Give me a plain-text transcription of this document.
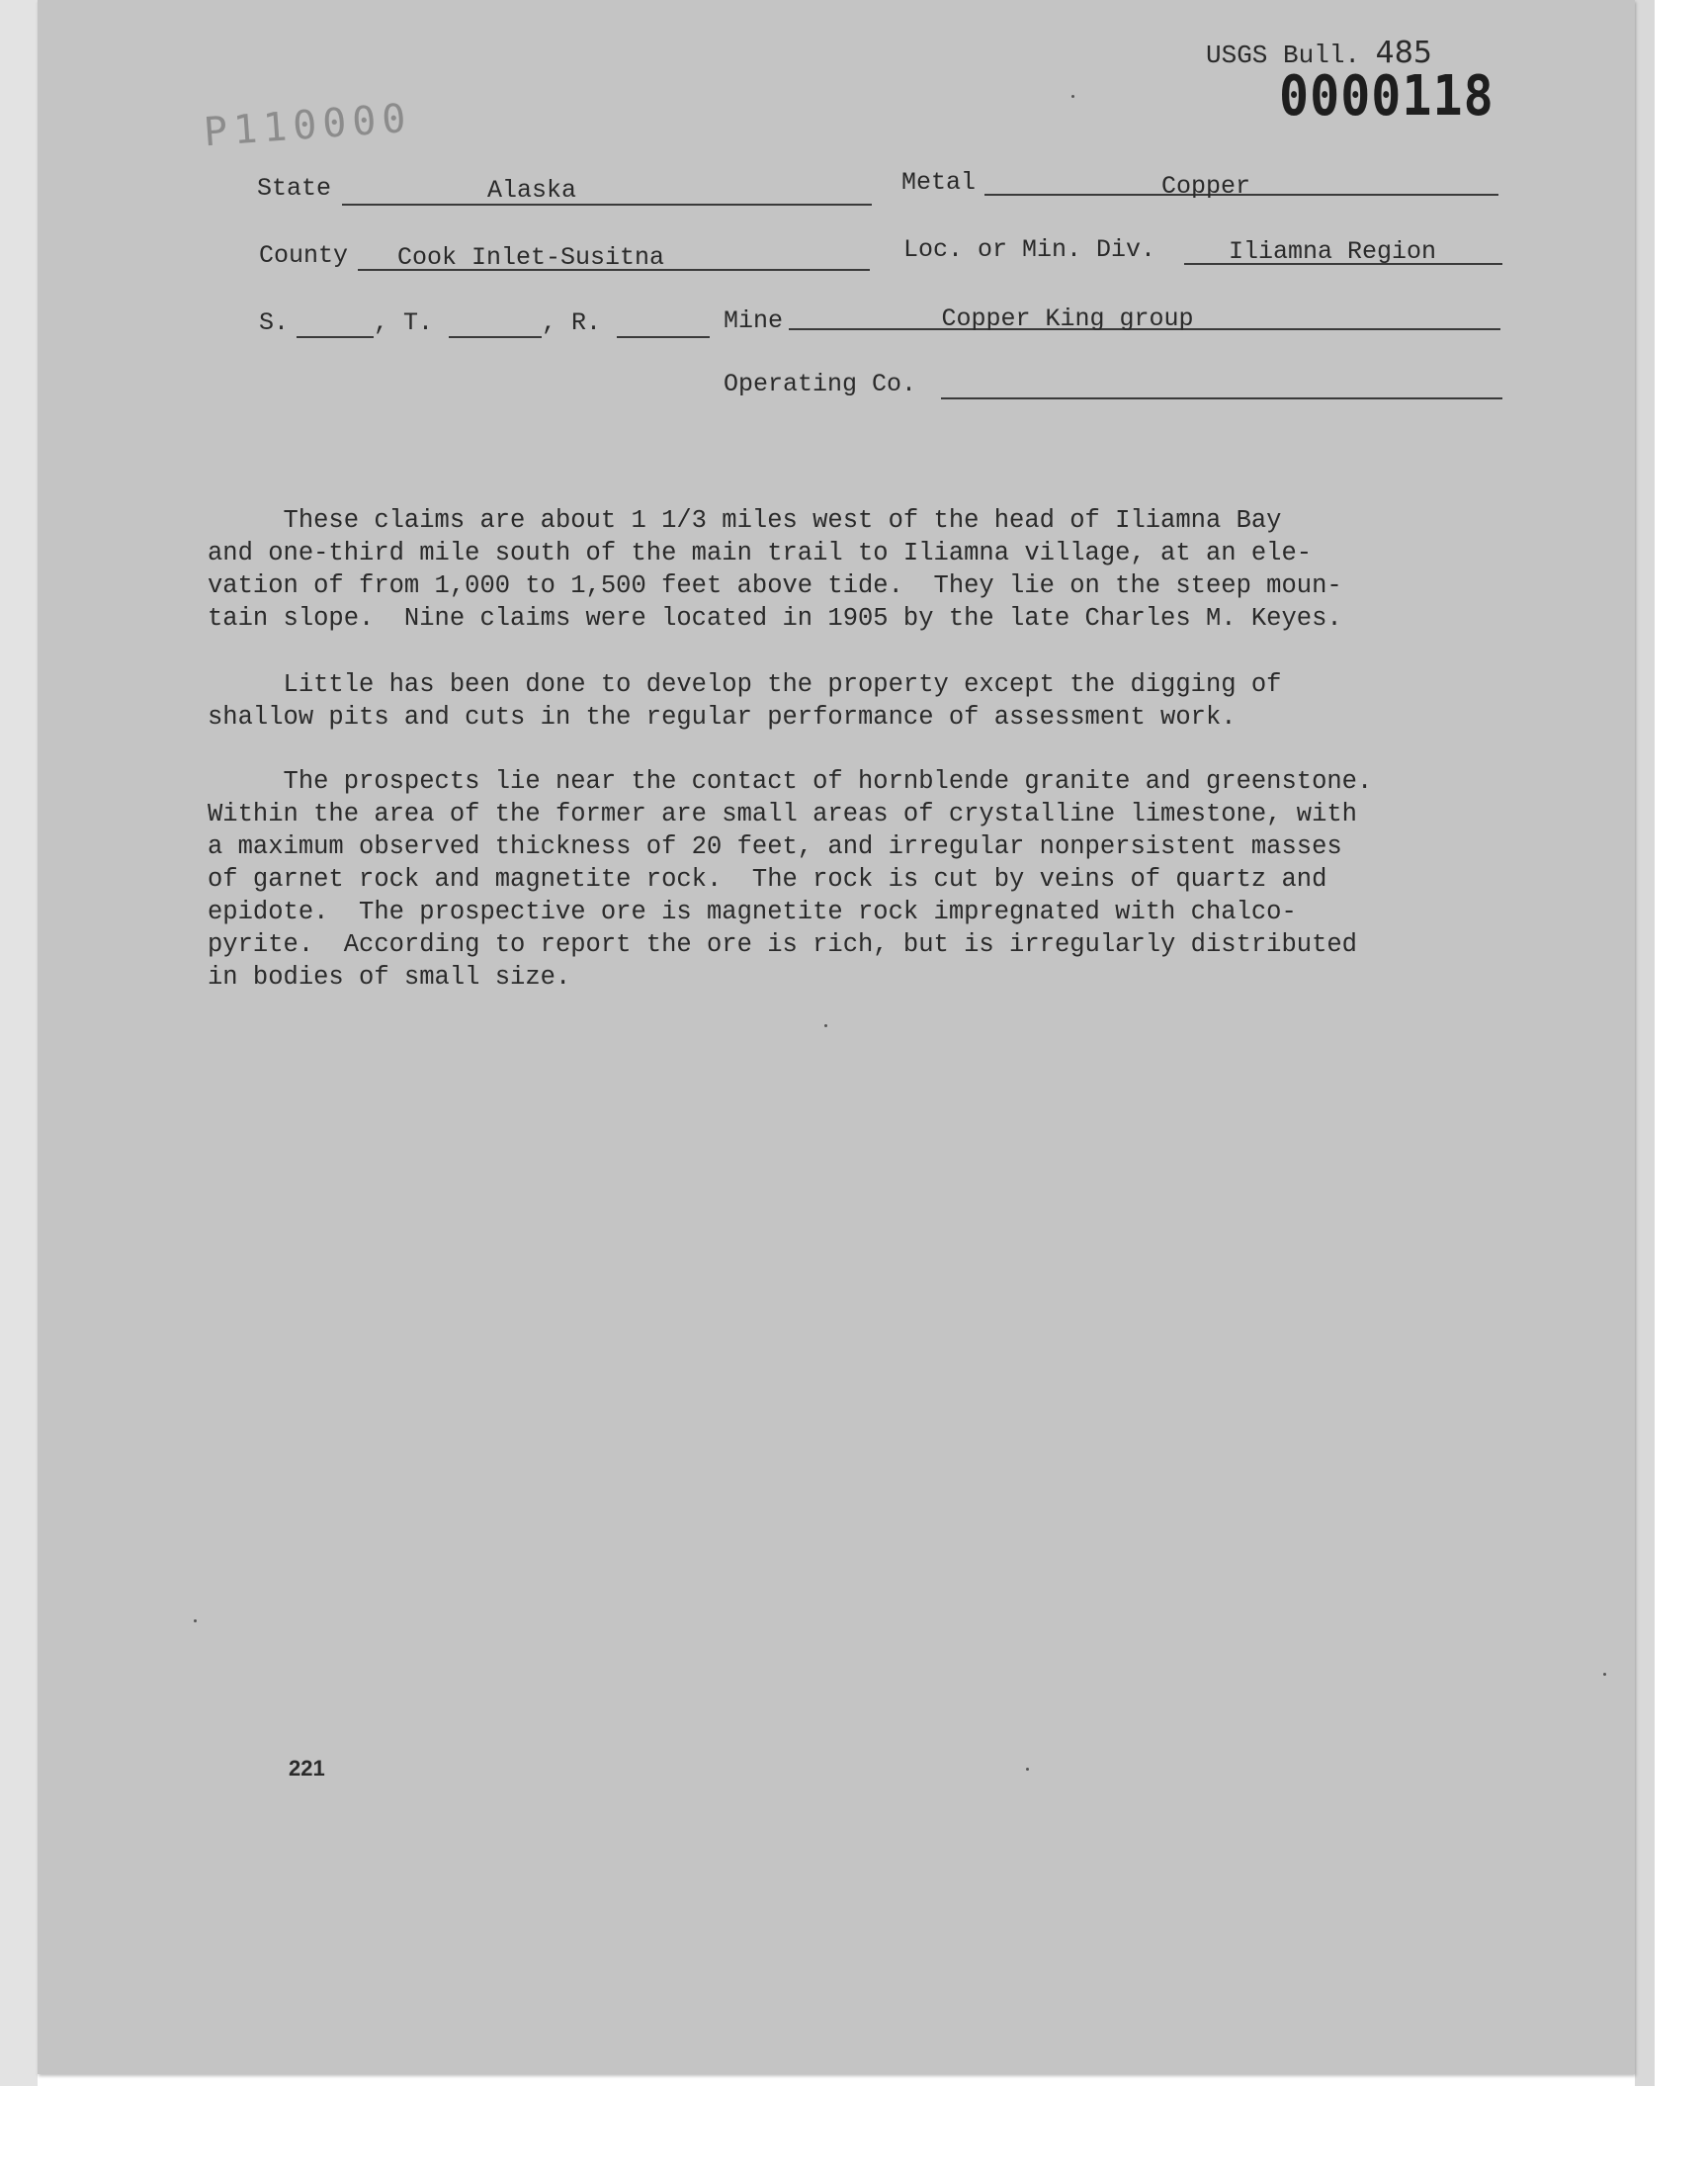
USGS Bull. 485
0000118
P110000
State	Alaska	Metal	Copper
County	Cook Inlet-Susitna	Loc. or Min. Div.	Iliamna Region
S.	, T.	, R.	Mine	Copper King group
Operating Co.
These claims are about 1 1/3 miles west of the head of Iliamna Bay
and one-third mile south of the main trail to Iliamna village, at an ele-
vation of from 1,000 to 1,500 feet above tide.  They lie on the steep moun-
tain slope.  Nine claims were located in 1905 by the late Charles M. Keyes.
Little has been done to develop the property except the digging of
shallow pits and cuts in the regular performance of assessment work.
The prospects lie near the contact of hornblende granite and greenstone.
Within the area of the former are small areas of crystalline limestone, with
a maximum observed thickness of 20 feet, and irregular nonpersistent masses
of garnet rock and magnetite rock.  The rock is cut by veins of quartz and
epidote.  The prospective ore is magnetite rock impregnated with chalco-
pyrite.  According to report the ore is rich, but is irregularly distributed
in bodies of small size.
221
